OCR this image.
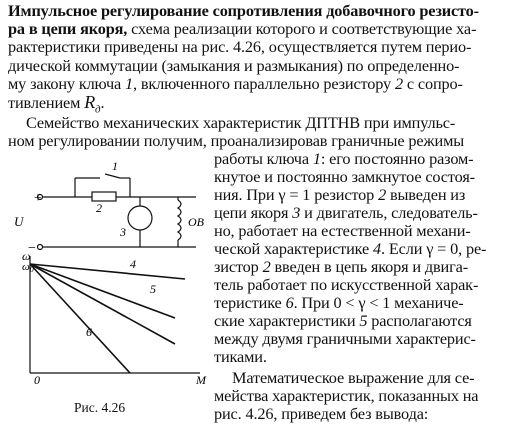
Импульсное регулирование сопротивления добавочного резисто-
ра в цепи якоря, схема реализации которого и соответствующие ха-
рактеристики приведены на рис. 4.26, осуществляется путем перио-
дической коммутации (замыкания и размыкания) по определенно-
му закону ключа 1, включенного параллельно резистору 2 с сопро-
тивлением $R_д$.
Семейство механических характеристик ДПТНВ при импульс-
ном регулировании получим, проанализировав граничные режимы
работы ключа 1: его постоянно разом-
кнутое и постоянно замкнутое состоя-
ния. При γ = 1 резистор 2 выведен из
цепи якоря 3 и двигатель, следователь-
но, работает на естественной механи-
ческой характеристике 4. Если γ = 0, ре-
зистор 2 введен в цепь якоря и двига-
тель работает по искусственной харак-
теристике 6. При 0 < γ < 1 механиче-
ские характеристики 5 располагаются
между двумя граничными характерис-
тиками.
Математическое выражение для се-
мейства характеристик, показанных на
рис. 4.26, приведем без вывода:
+
−
U
1
2
3
ОВ
ω
ω0
0	M
4
5
6
Рис. 4.26
